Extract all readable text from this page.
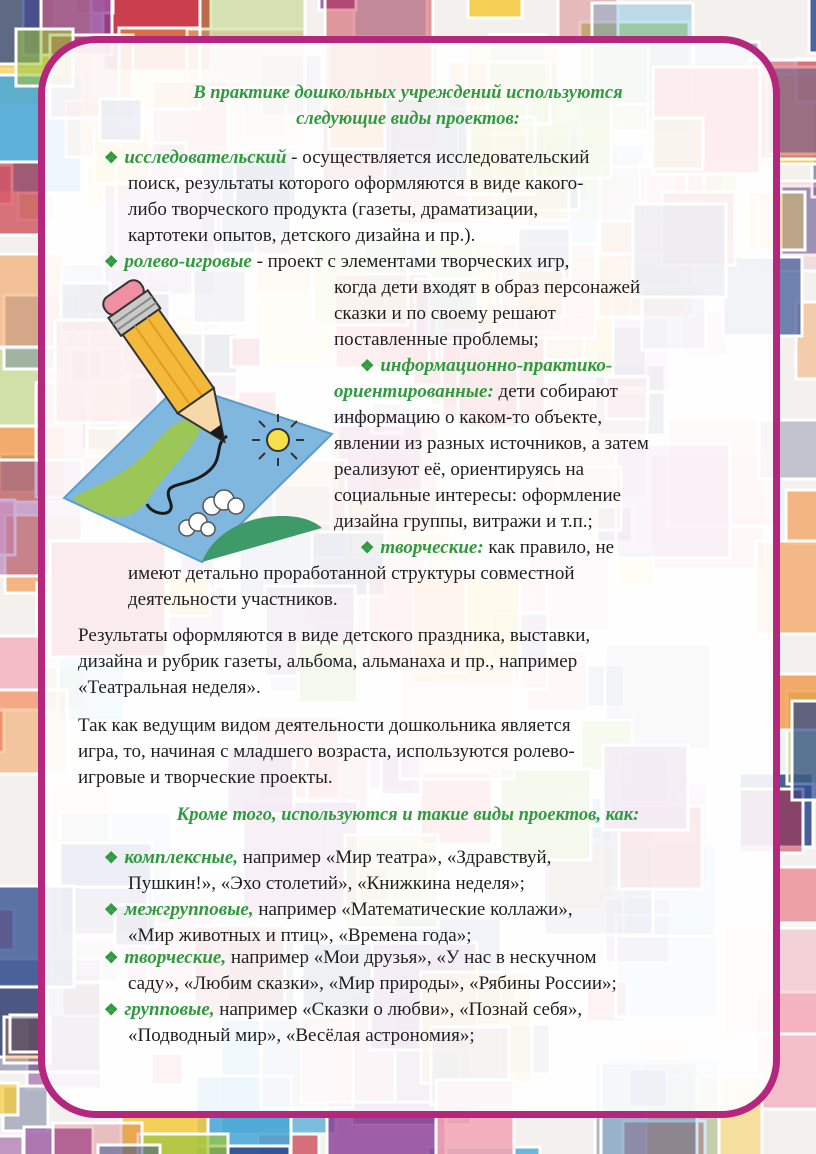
В практике дошкольных учреждений используются
следующие виды проектов:
❖ исследовательский - осуществляется исследовательский
поиск, результаты которого оформляются в виде какого-
либо творческого продукта (газеты, драматизации,
картотеки опытов, детского дизайна и пр.).
❖ ролево-игровые - проект с элементами творческих игр,
когда дети входят в образ персонажей
сказки и по своему решают
поставленные проблемы;
❖ информационно-практико-
ориентированные: дети собирают
информацию о каком-то объекте,
явлении из разных источников, а затем
реализуют её, ориентируясь на
социальные интересы: оформление
дизайна группы, витражи и т.п.;
❖ творческие: как правило, не
имеют детально проработанной структуры совместной
деятельности участников.
Результаты оформляются в виде детского праздника, выставки,
дизайна и рубрик газеты, альбома, альманаха и пр., например
«Театральная неделя».
Так как ведущим видом деятельности дошкольника является
игра, то, начиная с младшего возраста, используются ролево-
игровые и творческие проекты.
Кроме того, используются и такие виды проектов, как:
❖ комплексные, например «Мир театра», «Здравствуй,
Пушкин!», «Эхо столетий», «Книжкина неделя»;
❖ межгрупповые, например «Математические коллажи»,
«Мир животных и птиц», «Времена года»;
❖ творческие, например «Мои друзья», «У нас в нескучном
саду», «Любим сказки», «Мир природы», «Рябины России»;
❖ групповые, например «Сказки о любви», «Познай себя»,
«Подводный мир», «Весёлая астрономия»;
